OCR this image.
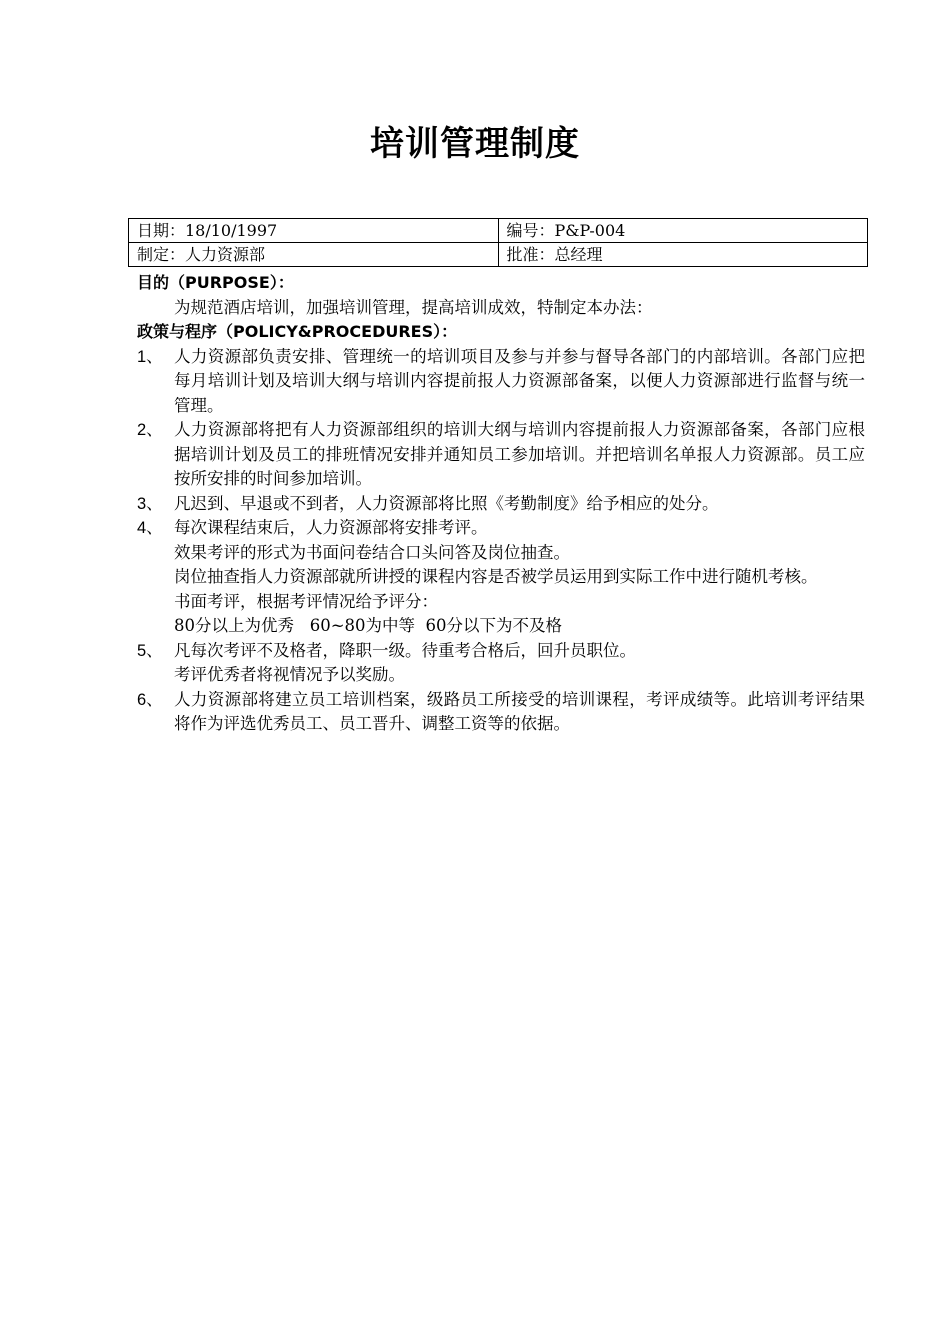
培训管理制度
日期：18/10/1997	编号：P&P-004
制定：人力资源部	批准：总经理
目的（PURPOSE）：
为规范酒店培训，加强培训管理，提高培训成效，特制定本办法：
政策与程序（POLICY&PROCEDURES）：
1、 人力资源部负责安排、管理统一的培训项目及参与并参与督导各部门的内部培训。各部门应把每月培训计划及培训大纲与培训内容提前报人力资源部备案，以便人力资源部进行监督与统一管理。
2、 人力资源部将把有人力资源部组织的培训大纲与培训内容提前报人力资源部备案，各部门应根据培训计划及员工的排班情况安排并通知员工参加培训。并把培训名单报人力资源部。员工应按所安排的时间参加培训。
3、 凡迟到、早退或不到者，人力资源部将比照《考勤制度》给予相应的处分。
4、 每次课程结束后，人力资源部将安排考评。
效果考评的形式为书面问卷结合口头问答及岗位抽查。
岗位抽查指人力资源部就所讲授的课程内容是否被学员运用到实际工作中进行随机考核。
书面考评，根据考评情况给予评分：
80分以上为优秀   60~80为中等  60分以下为不及格
5、 凡每次考评不及格者，降职一级。待重考合格后，回升员职位。
考评优秀者将视情况予以奖励。
6、 人力资源部将建立员工培训档案，级路员工所接受的培训课程，考评成绩等。此培训考评结果将作为评选优秀员工、员工晋升、调整工资等的依据。
